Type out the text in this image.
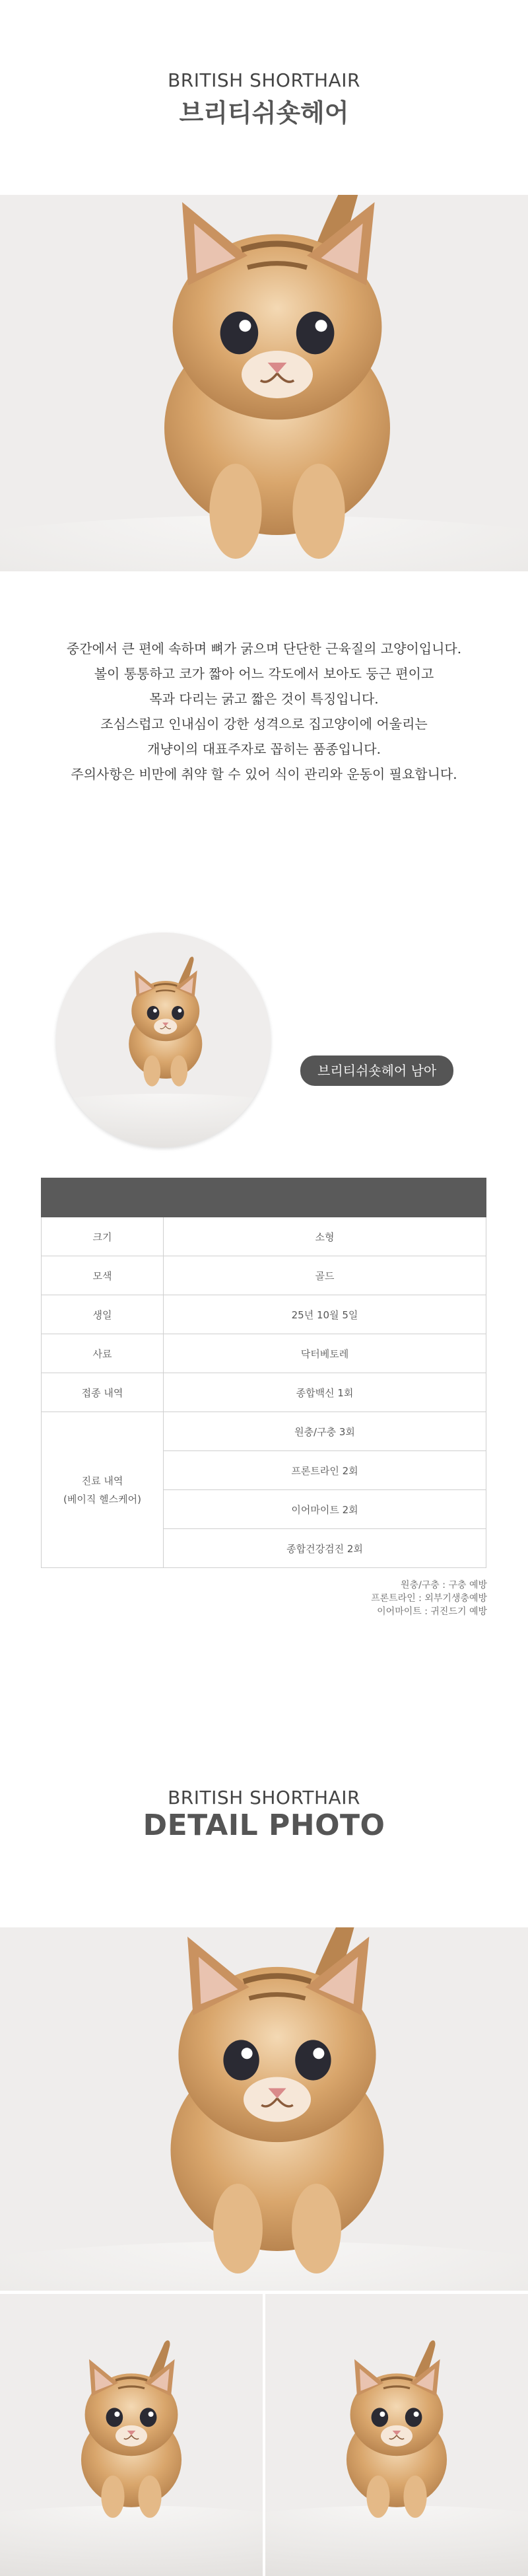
BRITISH SHORTHAIR
브리티쉬숏헤어
중간에서 큰 편에 속하며 뼈가 굵으며 단단한 근육질의 고양이입니다.
볼이 통통하고 코가 짧아 어느 각도에서 보아도 둥근 편이고
목과 다리는 굵고 짧은 것이 특징입니다.
조심스럽고 인내심이 강한 성격으로 집고양이에 어울리는
개냥이의 대표주자로 꼽히는 품종입니다.
주의사항은 비만에 취약 할 수 있어 식이 관리와 운동이 필요합니다.
브리티쉬숏헤어 남아

크기	소형
모색	골드
생일	25년 10월 5일
사료	닥터베토레
접종 내역	종합백신 1회

진료 내역
(베이직 헬스케어)	원충/구충 3회
	프론트라인 2회
	이어마이트 2회
	종합건강검진 2회
원충/구충 : 구충 예방
프론트라인 : 외부기생충예방
이어마이트 : 귀진드기 예방
BRITISH SHORTHAIR
DETAIL PHOTO
